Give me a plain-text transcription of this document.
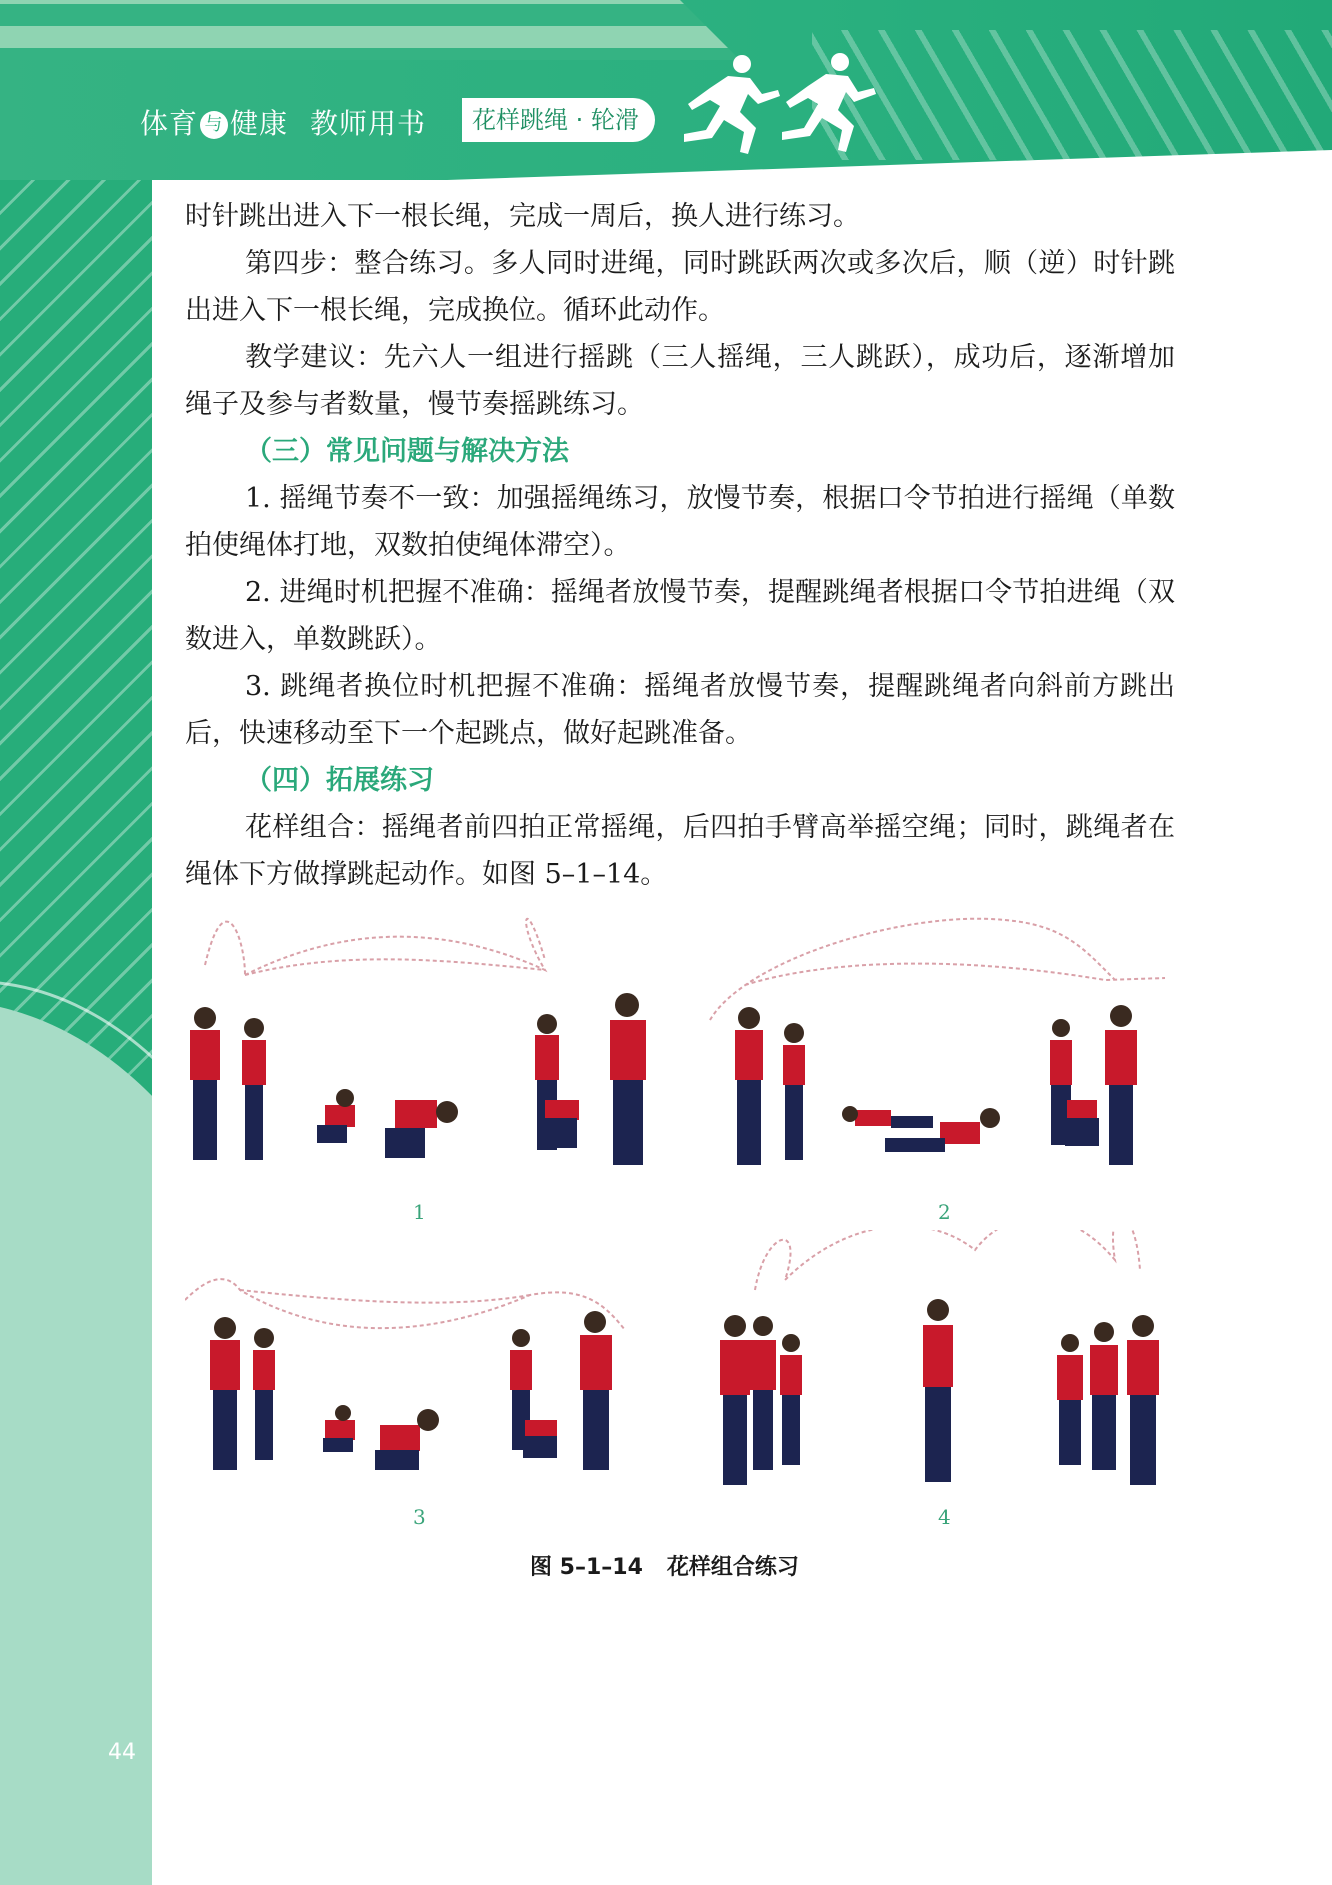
体育 与 健康 教师用书	花样跳绳 · 轮滑

时针跳出进入下一根长绳，完成一周后，换人进行练习。

第四步：整合练习。多人同时进绳，同时跳跃两次或多次后，顺（逆）时针跳出进入下一根长绳，完成换位。循环此动作。

教学建议：先六人一组进行摇跳（三人摇绳，三人跳跃），成功后，逐渐增加绳子及参与者数量，慢节奏摇跳练习。

（三）常见问题与解决方法

1. 摇绳节奏不一致：加强摇绳练习，放慢节奏，根据口令节拍进行摇绳（单数拍使绳体打地，双数拍使绳体滞空）。

2. 进绳时机把握不准确：摇绳者放慢节奏，提醒跳绳者根据口令节拍进绳（双数进入，单数跳跃）。

3. 跳绳者换位时机把握不准确：摇绳者放慢节奏，提醒跳绳者向斜前方跳出后，快速移动至下一个起跳点，做好起跳准备。

（四）拓展练习

花样组合：摇绳者前四拍正常摇绳，后四拍手臂高举摇空绳；同时，跳绳者在绳体下方做撑跳起动作。如图 5–1–14。

1	2
3	4
图 5–1–14 花样组合练习
44
